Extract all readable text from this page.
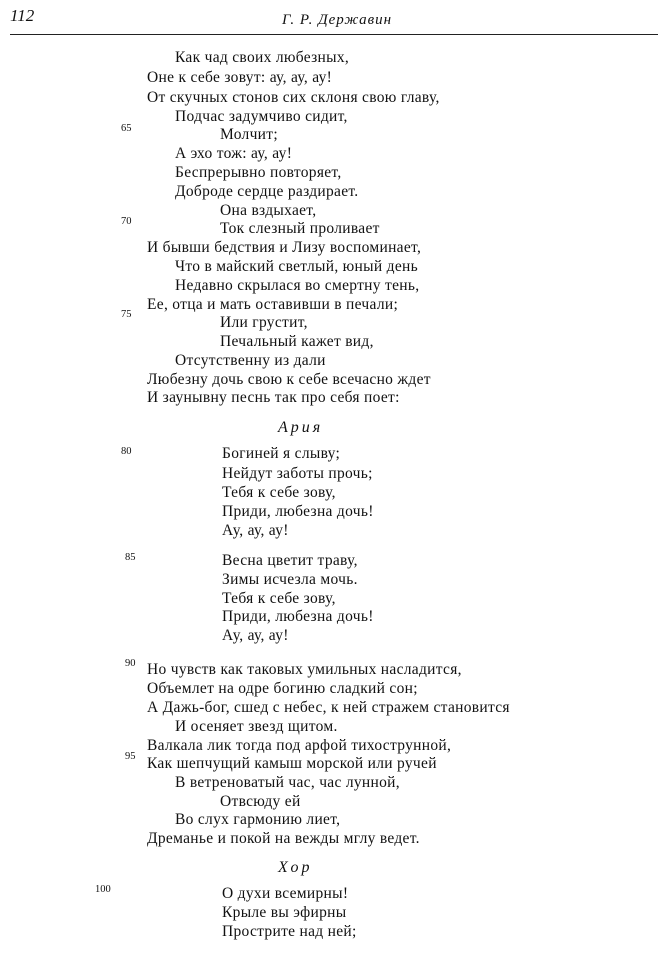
112	Г. Р. Державин
Как чад своих любезных,
Оне к себе зовут: ау, ау, ау!
От скучных стонов сих склоня свою главу,
Подчас задумчиво сидит,
Молчит;
А эхо тож: ау, ау!
Беспрерывно повторяет,
Доброде сердце раздирает.
Она вздыхает,
Ток слезный проливает
И бывши бедствия и Лизу воспоминает,
Что в майский светлый, юный день
Недавно скрылася во смертну тень,
Ее, отца и мать оставивши в печали;
Или грустит,
Печальный кажет вид,
Отсутственну из дали
Любезну дочь свою к себе всечасно ждет
И заунывну песнь так про себя поет:
Ария
Богиней я слыву;
Нейдут заботы прочь;
Тебя к себе зову,
Приди, любезна дочь!
Ау, ау, ау!
Весна цветит траву,
Зимы исчезла мочь.
Тебя к себе зову,
Приди, любезна дочь!
Ау, ау, ау!
Но чувств как таковых умильных насладится,
Объемлет на одре богиню сладкий сон;
А Дажь-бог, сшед с небес, к ней стражем становится
И осеняет звезд щитом.
Валкала лик тогда под арфой тихострунной,
Как шепчущий камыш морской или ручей
В ветреноватый час, час лунной,
Отвсюду ей
Во слух гармонию лиет,
Дреманье и покой на вежды мглу ведет.
Хор
О духи всемирны!
Крыле вы эфирны
Прострите над ней;
65
70
75
80
85
90
95
100
